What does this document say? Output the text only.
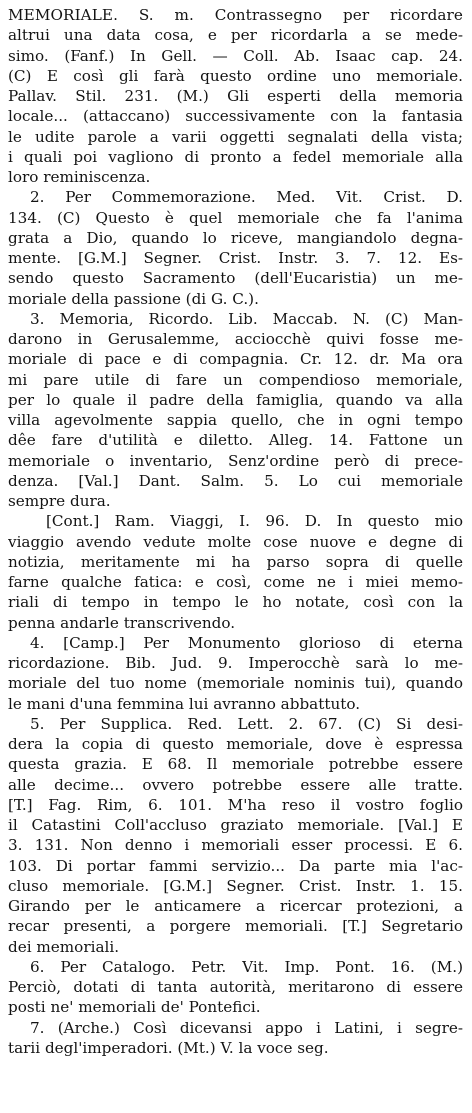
MEMORIALE. S. m. Contrassegno per ricordare
altrui una data cosa, e per ricordarla a se mede-
simo. (Fanf.) In Gell. — Coll. Ab. Isaac cap. 24.
(C) E così gli farà questo ordine uno memoriale.
Pallav. Stil. 231. (M.) Gli esperti della memoria
locale... (attaccano) successivamente con la fantasia
le udite parole a varii oggetti segnalati della vista;
i quali poi vagliono di pronto a fedel memoriale alla
loro reminiscenza.
2. Per Commemorazione. Med. Vit. Crist. D.
134. (C) Questo è quel memoriale che fa l'anima
grata a Dio, quando lo riceve, mangiandolo degna-
mente. [G.M.] Segner. Crist. Instr. 3. 7. 12. Es-
sendo questo Sacramento (dell'Eucaristia) un me-
moriale della passione (di G. C.).
3. Memoria, Ricordo. Lib. Maccab. N. (C) Man-
darono in Gerusalemme, acciocchè quivi fosse me-
moriale di pace e di compagnia. Cr. 12. dr. Ma ora
mi pare utile di fare un compendioso memoriale,
per lo quale il padre della famiglia, quando va alla
villa agevolmente sappia quello, che in ogni tempo
dêe fare d'utilità e diletto. Alleg. 14. Fattone un
memoriale o inventario, Senz'ordine però di prece-
denza. [Val.] Dant. Salm. 5. Lo cui memoriale
sempre dura.
[Cont.] Ram. Viaggi, I. 96. D. In questo mio
viaggio avendo vedute molte cose nuove e degne di
notizia, meritamente mi ha parso sopra di quelle
farne qualche fatica: e così, come ne i miei memo-
riali di tempo in tempo le ho notate, così con la
penna andarle transcrivendo.
4. [Camp.] Per Monumento glorioso di eterna
ricordazione. Bib. Jud. 9. Imperocchè sarà lo me-
moriale del tuo nome (memoriale nominis tui), quando
le mani d'una femmina lui avranno abbattuto.
5. Per Supplica. Red. Lett. 2. 67. (C) Si desi-
dera la copia di questo memoriale, dove è espressa
questa grazia. E 68. Il memoriale potrebbe essere
alle decime... ovvero potrebbe essere alle tratte.
[T.] Fag. Rim, 6. 101. M'ha reso il vostro foglio
il Catastini Coll'accluso graziato memoriale. [Val.] E
3. 131. Non denno i memoriali esser processi. E 6.
103. Di portar fammi servizio... Da parte mia l'ac-
cluso memoriale. [G.M.] Segner. Crist. Instr. 1. 15.
Girando per le anticamere a ricercar protezioni, a
recar presenti, a porgere memoriali. [T.] Segretario
dei memoriali.
6. Per Catalogo. Petr. Vit. Imp. Pont. 16. (M.)
Perciò, dotati di tanta autorità, meritarono di essere
posti ne' memoriali de' Pontefici.
7. (Arche.) Così dicevansi appo i Latini, i segre-
tarii degl'imperadori. (Mt.) V. la voce seg.
